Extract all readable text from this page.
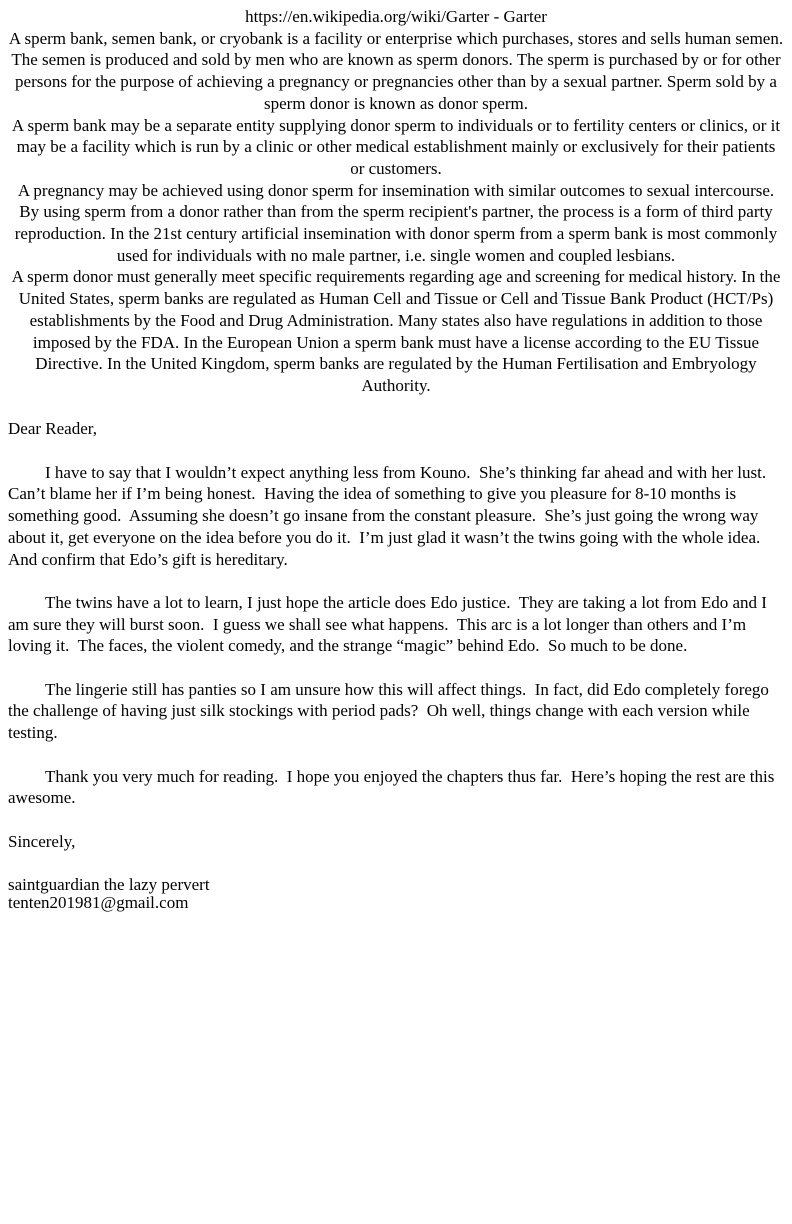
https://en.wikipedia.org/wiki/Garter - Garter

A sperm bank, semen bank, or cryobank is a facility or enterprise which purchases, stores and sells human semen. The semen is produced and sold by men who are known as sperm donors. The sperm is purchased by or for other persons for the purpose of achieving a pregnancy or pregnancies other than by a sexual partner. Sperm sold by a sperm donor is known as donor sperm.

A sperm bank may be a separate entity supplying donor sperm to individuals or to fertility centers or clinics, or it may be a facility which is run by a clinic or other medical establishment mainly or exclusively for their patients or customers.

A pregnancy may be achieved using donor sperm for insemination with similar outcomes to sexual intercourse. By using sperm from a donor rather than from the sperm recipient's partner, the process is a form of third party reproduction. In the 21st century artificial insemination with donor sperm from a sperm bank is most commonly used for individuals with no male partner, i.e. single women and coupled lesbians.

A sperm donor must generally meet specific requirements regarding age and screening for medical history. In the United States, sperm banks are regulated as Human Cell and Tissue or Cell and Tissue Bank Product (HCT/Ps) establishments by the Food and Drug Administration. Many states also have regulations in addition to those imposed by the FDA. In the European Union a sperm bank must have a license according to the EU Tissue Directive. In the United Kingdom, sperm banks are regulated by the Human Fertilisation and Embryology Authority.

Dear Reader,

I have to say that I wouldn’t expect anything less from Kouno.  She’s thinking far ahead and with her lust.  Can’t blame her if I’m being honest.  Having the idea of something to give you pleasure for 8-10 months is something good.  Assuming she doesn’t go insane from the constant pleasure.  She’s just going the wrong way about it, get everyone on the idea before you do it.  I’m just glad it wasn’t the twins going with the whole idea.  And confirm that Edo’s gift is hereditary.

The twins have a lot to learn, I just hope the article does Edo justice.  They are taking a lot from Edo and I am sure they will burst soon.  I guess we shall see what happens.  This arc is a lot longer than others and I’m loving it.  The faces, the violent comedy, and the strange “magic” behind Edo.  So much to be done.

The lingerie still has panties so I am unsure how this will affect things.  In fact, did Edo completely forego the challenge of having just silk stockings with period pads?  Oh well, things change with each version while testing.

Thank you very much for reading.  I hope you enjoyed the chapters thus far.  Here’s hoping the rest are this awesome.

Sincerely,
saintguardian the lazy pervert
tenten201981@gmail.com
